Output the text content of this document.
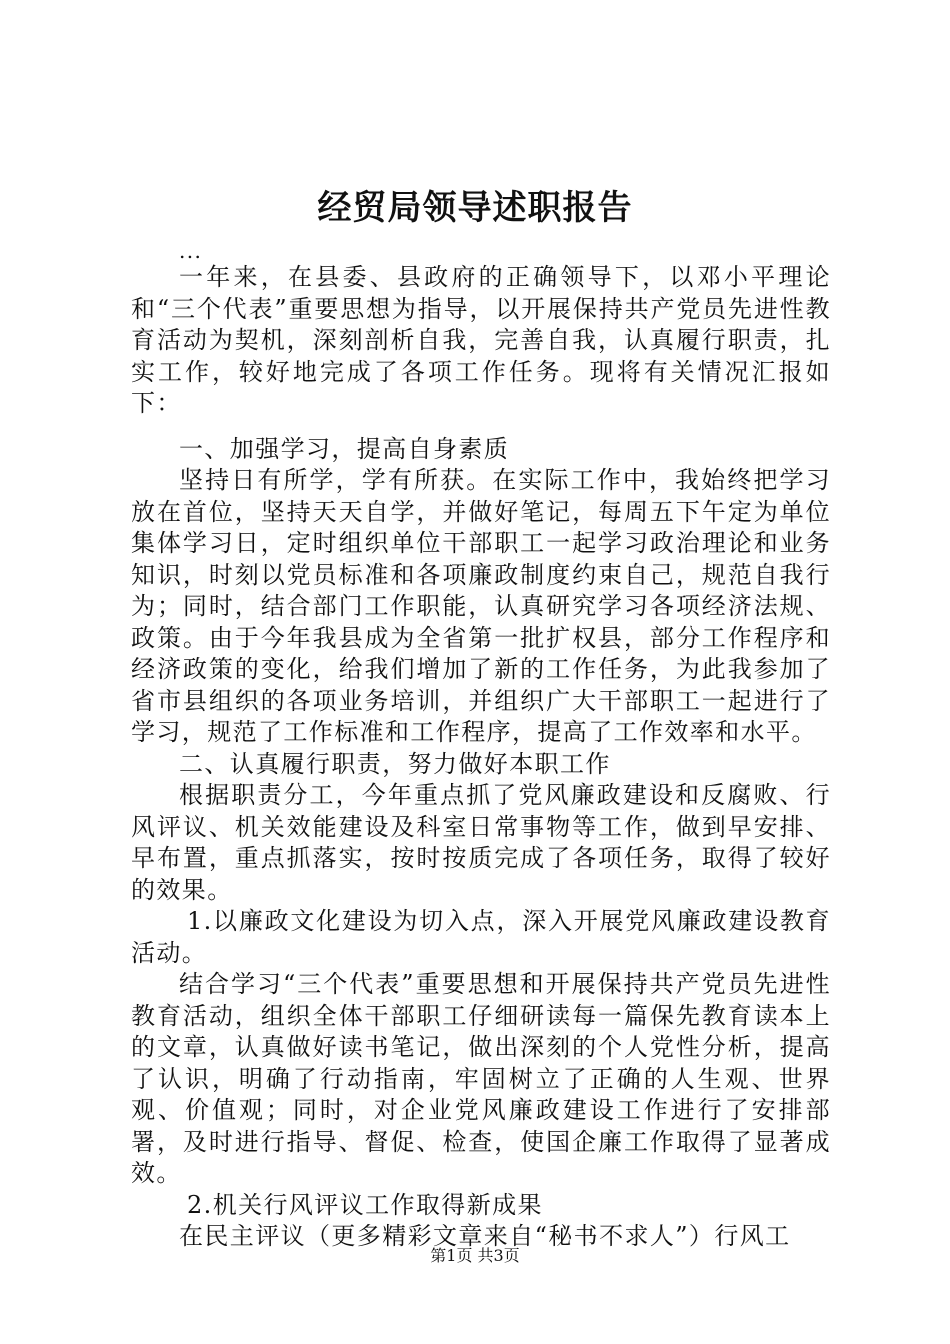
经贸局领导述职报告

...

一年来，在县委、县政府的正确领导下，以邓小平理论和“三个代表”重要思想为指导，以开展保持共产党员先进性教育活动为契机，深刻剖析自我，完善自我，认真履行职责，扎实工作，较好地完成了各项工作任务。现将有关情况汇报如下：

一、加强学习，提高自身素质

坚持日有所学，学有所获。在实际工作中，我始终把学习放在首位，坚持天天自学，并做好笔记，每周五下午定为单位集体学习日，定时组织单位干部职工一起学习政治理论和业务知识，时刻以党员标准和各项廉政制度约束自己，规范自我行为；同时，结合部门工作职能，认真研究学习各项经济法规、政策。由于今年我县成为全省第一批扩权县，部分工作程序和经济政策的变化，给我们增加了新的工作任务，为此我参加了省市县组织的各项业务培训，并组织广大干部职工一起进行了学习，规范了工作标准和工作程序，提高了工作效率和水平。

二、认真履行职责，努力做好本职工作

根据职责分工，今年重点抓了党风廉政建设和反腐败、行风评议、机关效能建设及科室日常事物等工作，做到早安排、早布置，重点抓落实，按时按质完成了各项任务，取得了较好的效果。

1.以廉政文化建设为切入点，深入开展党风廉政建设教育活动。

结合学习“三个代表”重要思想和开展保持共产党员先进性教育活动，组织全体干部职工仔细研读每一篇保先教育读本上的文章，认真做好读书笔记，做出深刻的个人党性分析，提高了认识，明确了行动指南，牢固树立了正确的人生观、世界观、价值观；同时，对企业党风廉政建设工作进行了安排部署，及时进行指导、督促、检查，使国企廉工作取得了显著成效。

2.机关行风评议工作取得新成果

在民主评议（更多精彩文章来自“秘书不求人”）行风工

第1页 共3页
